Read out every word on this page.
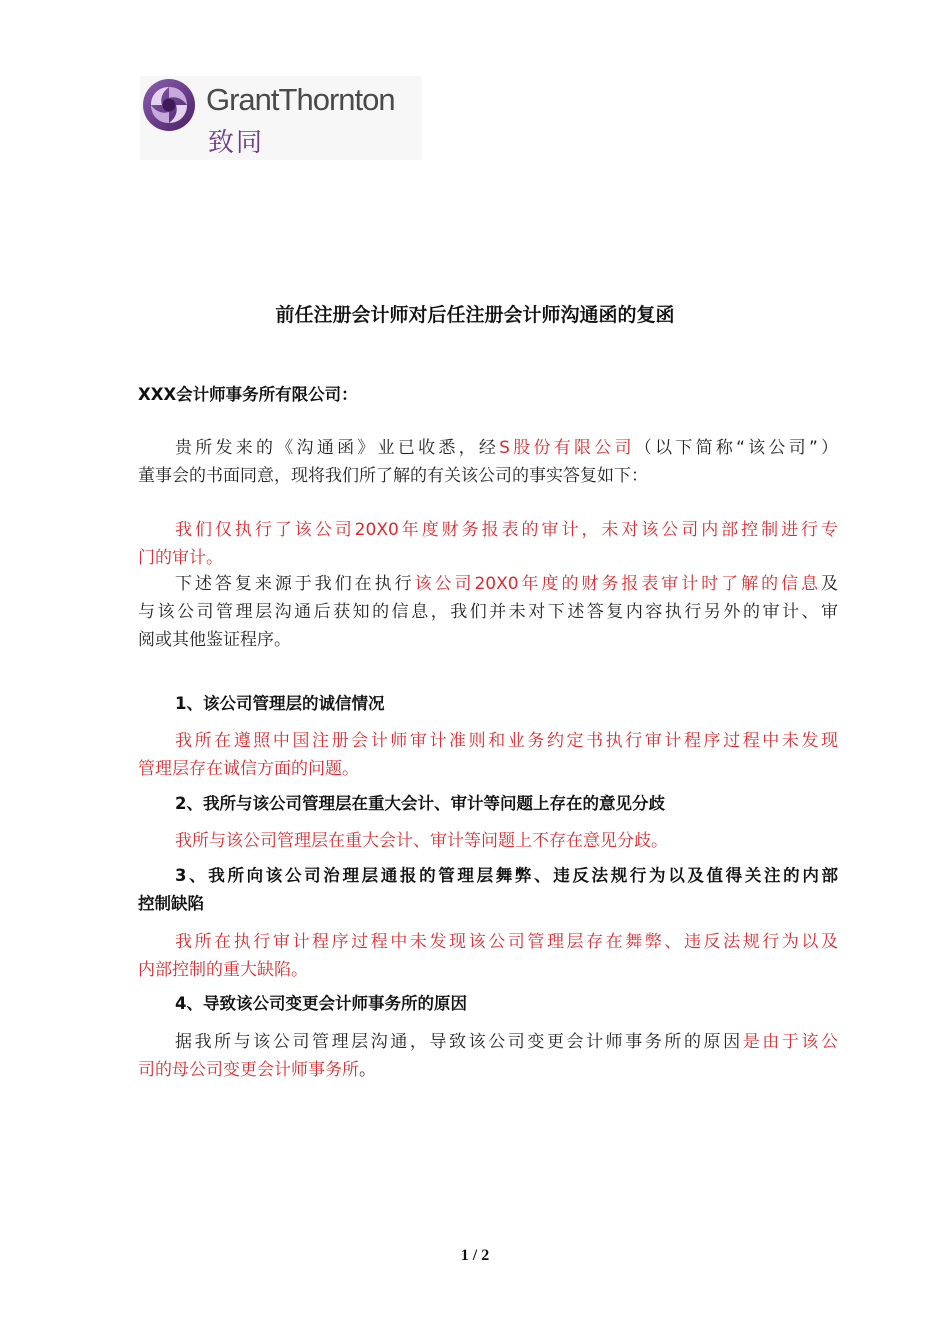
GrantThornton
致同
前任注册会计师对后任注册会计师沟通函的复函
XXX会计师事务所有限公司：
贵所发来的《沟通函》业已收悉，经S股份有限公司（以下简称“该公司”）
董事会的书面同意，现将我们所了解的有关该公司的事实答复如下：
我们仅执行了该公司20X0年度财务报表的审计，未对该公司内部控制进行专
门的审计。
下述答复来源于我们在执行该公司20X0年度的财务报表审计时了解的信息及
与该公司管理层沟通后获知的信息，我们并未对下述答复内容执行另外的审计、审
阅或其他鉴证程序。
1、该公司管理层的诚信情况
我所在遵照中国注册会计师审计准则和业务约定书执行审计程序过程中未发现
管理层存在诚信方面的问题。
2、我所与该公司管理层在重大会计、审计等问题上存在的意见分歧
我所与该公司管理层在重大会计、审计等问题上不存在意见分歧。
3、我所向该公司治理层通报的管理层舞弊、违反法规行为以及值得关注的内部
控制缺陷
我所在执行审计程序过程中未发现该公司管理层存在舞弊、违反法规行为以及
内部控制的重大缺陷。
4、导致该公司变更会计师事务所的原因
据我所与该公司管理层沟通，导致该公司变更会计师事务所的原因是由于该公
司的母公司变更会计师事务所。
1 / 2
